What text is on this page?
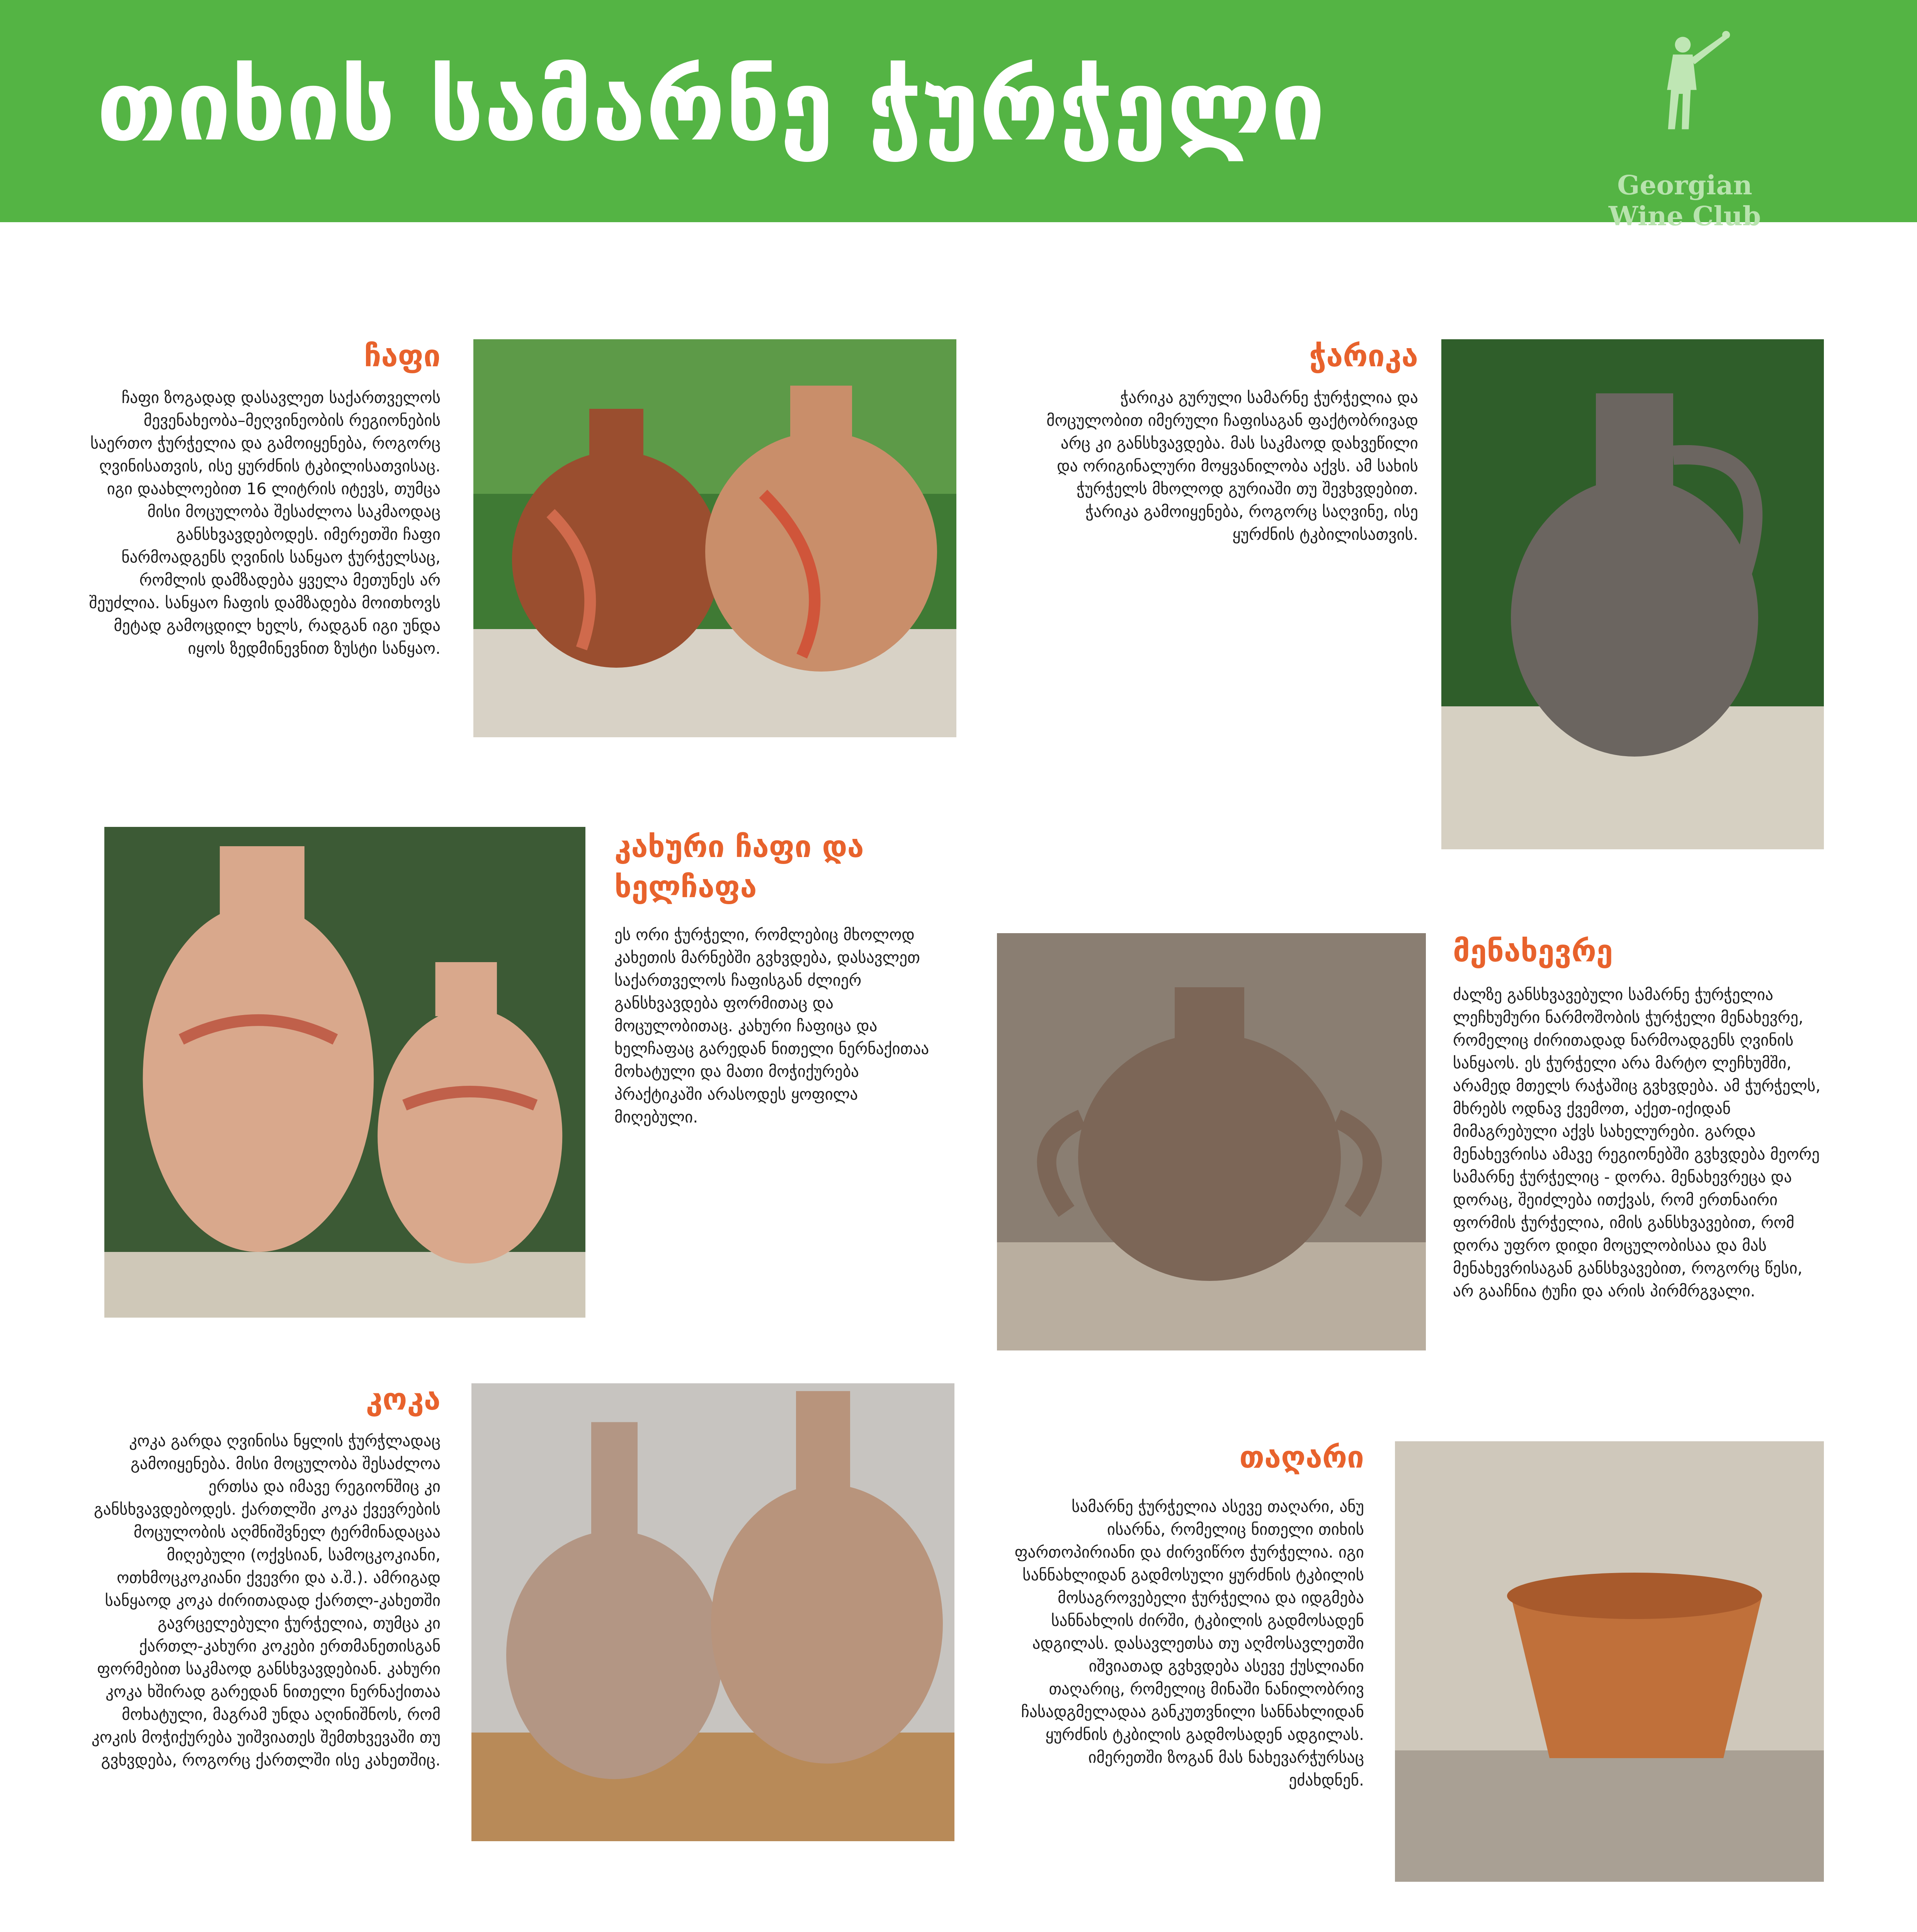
თიხის სამარნე ჭურჭელი
Georgian Wine Club
ჩაფი
ჩაფი ზოგადად დასავლეთ საქართველოს მევენახეობა–მეღვინეობის რეგიონების საერთო ჭურჭელია და გამოიყენება, როგორც ღვინისათვის, ისე ყურძნის ტკბილისათვისაც. იგი დაახლოებით 16 ლიტრის იტევს, თუმცა მისი მოცულობა შესაძლოა საკმაოდაც განსხვავდებოდეს. იმერეთში ჩაფი ნარმოადგენს ღვინის სანყაო ჭურჭელსაც, რომლის დამზადება ყველა მეთუნეს არ შეუძლია. სანყაო ჩაფის დამზადება მოითხოვს მეტად გამოცდილ ხელს, რადგან იგი უნდა იყოს ზედმინევნით ზუსტი სანყაო.
ჭარიკა
ჭარიკა გურული სამარნე ჭურჭელია და მოცულობით იმერული ჩაფისაგან ფაქტობრივად არც კი განსხვავდება. მას საკმაოდ დახვეწილი და ორიგინალური მოყვანილობა აქვს. ამ სახის ჭურჭელს მხოლოდ გურიაში თუ შევხვდებით. ჭარიკა გამოიყენება, როგორც საღვინე, ისე ყურძნის ტკბილისათვის.
კახური ჩაფი და ხელჩაფა
ეს ორი ჭურჭელი, რომლებიც მხოლოდ კახეთის მარნებში გვხვდება, დასავლეთ საქართველოს ჩაფისგან ძლიერ განსხვავდება ფორმითაც და მოცულობითაც. კახური ჩაფიცა და ხელჩაფაც გარედან ნითელი ნერნაქითაა მოხატული და მათი მოჭიქურება პრაქტიკაში არასოდეს ყოფილა მიღებული.
მენახევრე
ძალზე განსხვავებული სამარნე ჭურჭელია ლეჩხუმური ნარმოშობის ჭურჭელი მენახევრე, რომელიც ძირითადად ნარმოადგენს ღვინის სანყაოს. ეს ჭურჭელი არა მარტო ლეჩხუმში, არამედ მთელს რაჭაშიც გვხვდება. ამ ჭურჭელს, მხრებს ოდნავ ქვემოთ, აქეთ-იქიდან მიმაგრებული აქვს სახელურები. გარდა მენახევრისა ამავე რეგიონებში გვხვდება მეორე სამარნე ჭურჭელიც - დორა. მენახევრეცა და დორაც, შეიძლება ითქვას, რომ ერთნაირი ფორმის ჭურჭელია, იმის განსხვავებით, რომ დორა უფრო დიდი მოცულობისაა და მას მენახევრისაგან განსხვავებით, როგორც წესი, არ გააჩნია ტუჩი და არის პირმრგვალი.
კოკა
კოკა გარდა ღვინისა ნყლის ჭურჭლადაც გამოიყენება. მისი მოცულობა შესაძლოა ერთსა და იმავე რეგიონშიც კი განსხვავდებოდეს. ქართლში კოკა ქვევრების მოცულობის აღმნიშვნელ ტერმინადაცაა მიღებული (ოქვსიან, სამოცკოკიანი, ოთხმოცკოკიანი ქვევრი და ა.შ.). ამრიგად სანყაოდ კოკა ძირითადად ქართლ-კახეთში გავრცელებული ჭურჭელია, თუმცა კი ქართლ-კახური კოკები ერთმანეთისგან ფორმებით საკმაოდ განსხვავდებიან. კახური კოკა ხშირად გარედან ნითელი ნერნაქითაა მოხატული, მაგრამ უნდა აღინიშნოს, რომ კოკის მოჭიქურება უიშვიათეს შემთხვევაში თუ გვხვდება, როგორც ქართლში ისე კახეთშიც.
თაღარი
სამარნე ჭურჭელია ასევე თაღარი, ანუ ისარნა, რომელიც ნითელი თიხის ფართოპირიანი და ძირვიწრო ჭურჭელია. იგი სანნახლიდან გადმოსული ყურძნის ტკბილის მოსაგროვებელი ჭურჭელია და იდგმება სანნახლის ძირში, ტკბილის გადმოსადენ ადგილას. დასავლეთსა თუ აღმოსავლეთში იშვიათად გვხვდება ასევე ქუსლიანი თაღარიც, რომელიც მინაში ნანილობრივ ჩასადგმელადაა განკუთვნილი სანნახლიდან ყურძნის ტკბილის გადმოსადენ ადგილას. იმერეთში ზოგან მას ნახევარჭურსაც ეძახდნენ.
